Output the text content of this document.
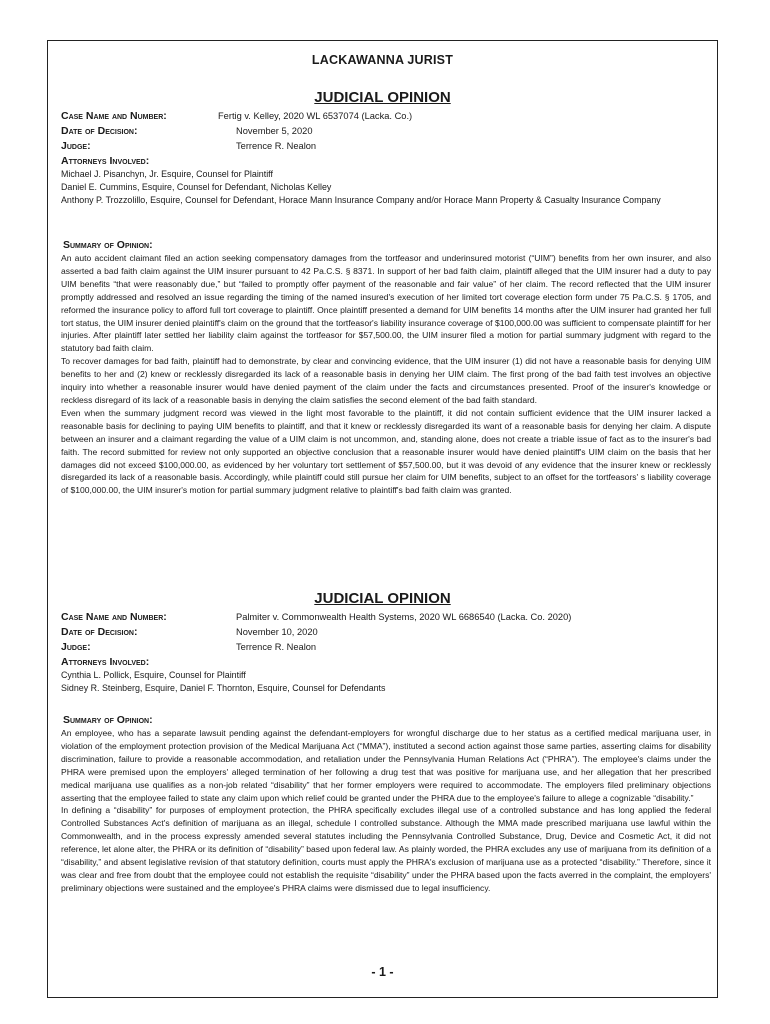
LACKAWANNA JURIST
JUDICIAL OPINION
Case Name and Number:	Fertig v. Kelley, 2020 WL 6537074 (Lacka. Co.)
Date of Decision:	November 5, 2020
Judge:	Terrence R. Nealon
Attorneys Involved:
Michael J. Pisanchyn, Jr. Esquire, Counsel for Plaintiff
Daniel E. Cummins, Esquire, Counsel for Defendant, Nicholas Kelley
Anthony P. Trozzolillo, Esquire, Counsel for Defendant, Horace Mann Insurance Company and/or Horace Mann Property & Casualty Insurance Company
Summary of Opinion:

An auto accident claimant filed an action seeking compensatory damages from the tortfeasor and underinsured motorist (“UIM”) benefits from her own insurer, and also asserted a bad faith claim against the UIM insurer pursuant to 42 Pa.C.S. § 8371. In support of her bad faith claim, plaintiff alleged that the UIM insurer had a duty to pay UIM benefits “that were reasonably due,” but “failed to promptly offer payment of the reasonable and fair value” of her claim. The record reflected that the UIM insurer promptly addressed and resolved an issue regarding the timing of the named insured's execution of her limited tort coverage election form under 75 Pa.C.S. § 1705, and reformed the insurance policy to afford full tort coverage to plaintiff. Once plaintiff presented a demand for UIM benefits 14 months after the UIM insurer had granted her full tort status, the UIM insurer denied plaintiff's claim on the ground that the tortfeasor's liability insurance coverage of $100,000.00 was sufficient to compensate plaintiff for her injuries. After plaintiff later settled her liability claim against the tortfeasor for $57,500.00, the UIM insurer filed a motion for partial summary judgment with regard to the statutory bad faith claim.

To recover damages for bad faith, plaintiff had to demonstrate, by clear and convincing evidence, that the UIM insurer (1) did not have a reasonable basis for denying UIM benefits to her and (2) knew or recklessly disregarded its lack of a reasonable basis in denying her UIM claim. The first prong of the bad faith test involves an objective inquiry into whether a reasonable insurer would have denied payment of the claim under the facts and circumstances presented. Proof of the insurer's knowledge or reckless disregard of its lack of a reasonable basis in denying the claim satisfies the second element of the bad faith standard.

Even when the summary judgment record was viewed in the light most favorable to the plaintiff, it did not contain sufficient evidence that the UIM insurer lacked a reasonable basis for declining to paying UIM benefits to plaintiff, and that it knew or recklessly disregarded its want of a reasonable basis for denying her claim. A dispute between an insurer and a claimant regarding the value of a UIM claim is not uncommon, and, standing alone, does not create a triable issue of fact as to the insurer's bad faith. The record submitted for review not only supported an objective conclusion that a reasonable insurer would have denied plaintiff's UIM claim on the basis that her damages did not exceed $100,000.00, as evidenced by her voluntary tort settlement of $57,500.00, but it was devoid of any evidence that the insurer knew or recklessly disregarded its lack of a reasonable basis. Accordingly, while plaintiff could still pursue her claim for UIM benefits, subject to an offset for the tortfeasors' s liability coverage of $100,000.00, the UIM insurer's motion for partial summary judgment relative to plaintiff's bad faith claim was granted.

JUDICIAL OPINION
Case Name and Number:	Palmiter v. Commonwealth Health Systems, 2020 WL 6686540 (Lacka. Co. 2020)
Date of Decision:	November 10, 2020
Judge:	Terrence R. Nealon
Attorneys Involved:
Cynthia L. Pollick, Esquire, Counsel for Plaintiff
Sidney R. Steinberg, Esquire, Daniel F. Thornton, Esquire, Counsel for Defendants
Summary of Opinion:

An employee, who has a separate lawsuit pending against the defendant-employers for wrongful discharge due to her status as a certified medical marijuana user, in violation of the employment protection provision of the Medical Marijuana Act (“MMA”), instituted a second action against those same parties, asserting claims for disability discrimination, failure to provide a reasonable accommodation, and retaliation under the Pennsylvania Human Relations Act (“PHRA”). The employee's claims under the PHRA were premised upon the employers' alleged termination of her following a drug test that was positive for marijuana use, and her allegation that her prescribed medical marijuana use qualifies as a non-job related “disability” that her former employers were required to accommodate. The employers filed preliminary objections asserting that the employee failed to state any claim upon which relief could be granted under the PHRA due to the employee's failure to allege a cognizable “disability.”

In defining a “disability” for purposes of employment protection, the PHRA specifically excludes illegal use of a controlled substance and has long applied the federal Controlled Substances Act's definition of marijuana as an illegal, schedule I controlled substance. Although the MMA made prescribed marijuana use lawful within the Commonwealth, and in the process expressly amended several statutes including the Pennsylvania Controlled Substance, Drug, Device and Cosmetic Act, it did not reference, let alone alter, the PHRA or its definition of “disability” based upon federal law. As plainly worded, the PHRA excludes any use of marijuana from its definition of a “disability,” and absent legislative revision of that statutory definition, courts must apply the PHRA's exclusion of marijuana use as a protected “disability.” Therefore, since it was clear and free from doubt that the employee could not establish the requisite “disability” under the PHRA based upon the facts averred in the complaint, the employers' preliminary objections were sustained and the employee's PHRA claims were dismissed due to legal insufficiency.

- 1 -
